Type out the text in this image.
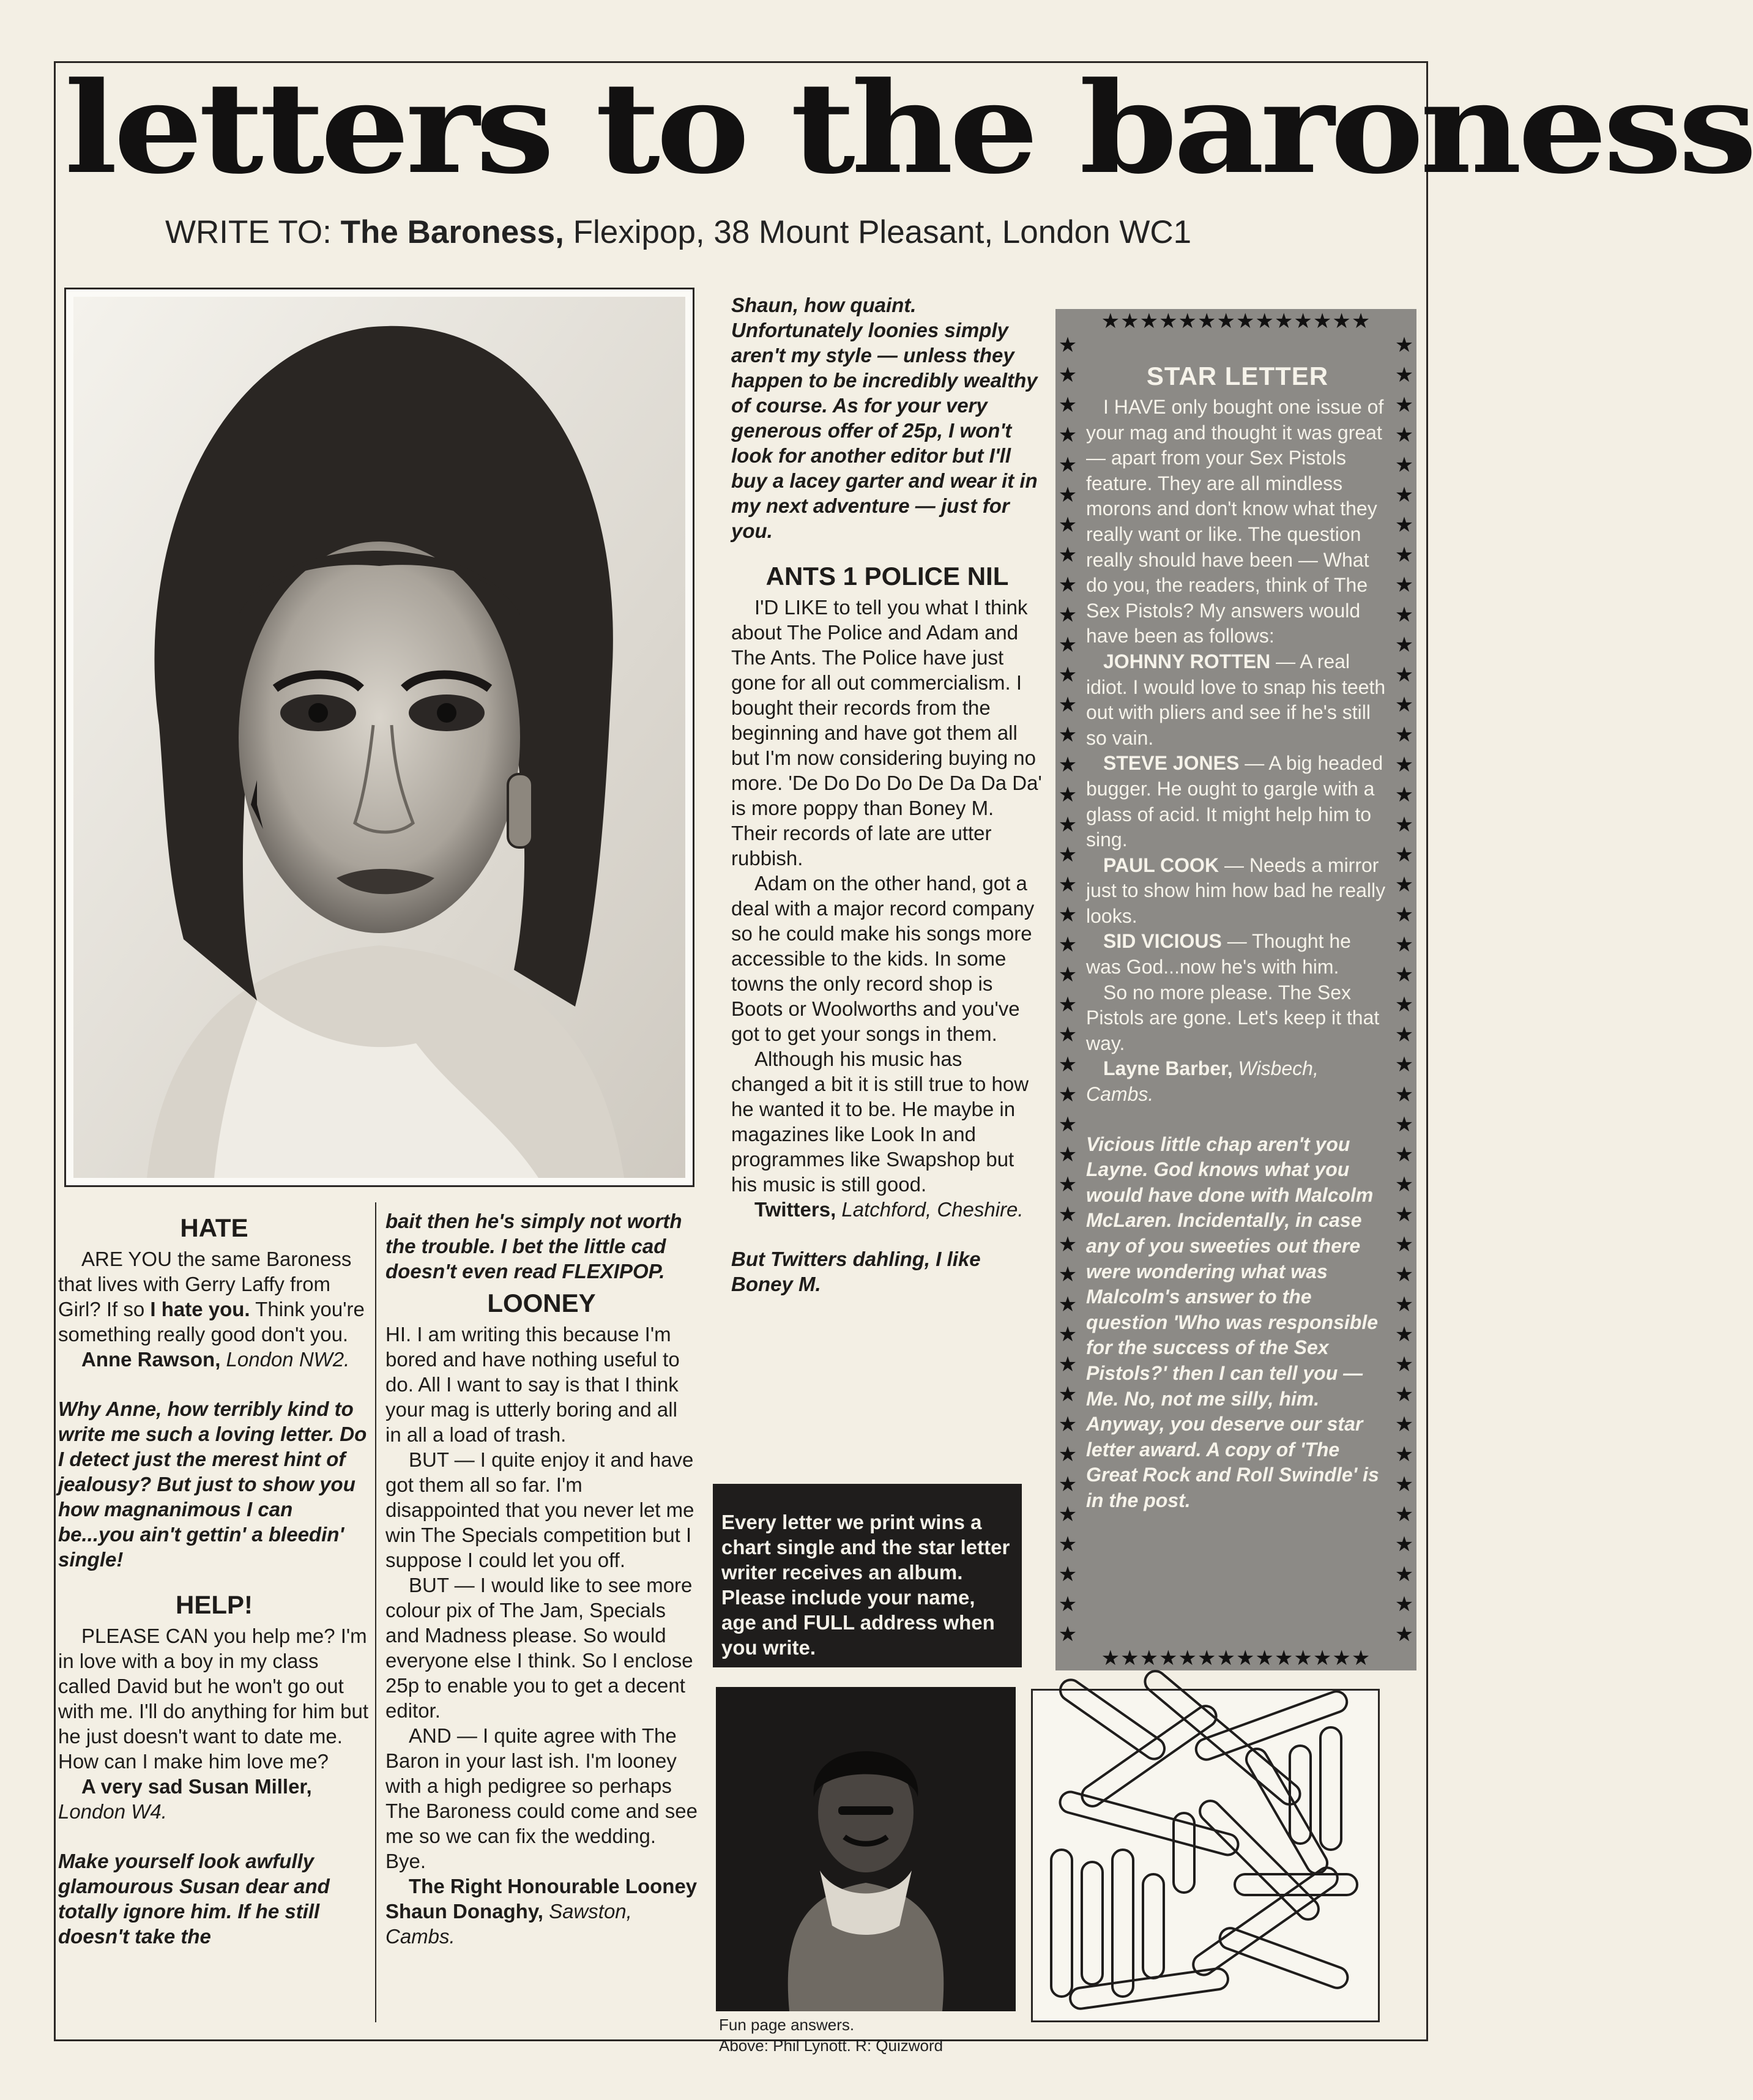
letters to the baroness
WRITE TO: The Baroness, Flexipop, 38 Mount Pleasant, London WC1
HATE

ARE YOU the same Baroness that lives with Gerry Laffy from Girl? If so I hate you. Think you're something really good don't you.

Anne Rawson, London NW2.

Why Anne, how terribly kind to write me such a loving letter. Do I detect just the merest hint of jealousy? But just to show you how magnanimous I can be...you ain't gettin' a bleedin' single!

HELP!

PLEASE CAN you help me? I'm in love with a boy in my class called David but he won't go out with me. I'll do anything for him but he just doesn't want to date me. How can I make him love me?

A very sad Susan Miller, London W4.

Make yourself look awfully glamourous Susan dear and totally ignore him. If he still doesn't take the

bait then he's simply not worth the trouble. I bet the little cad doesn't even read FLEXIPOP.

LOONEY

HI. I am writing this because I'm bored and have nothing useful to do. All I want to say is that I think your mag is utterly boring and all in all a load of trash.

BUT — I quite enjoy it and have got them all so far. I'm disappointed that you never let me win The Specials competition but I suppose I could let you off.

BUT — I would like to see more colour pix of The Jam, Specials and Madness please. So would everyone else I think. So I enclose 25p to enable you to get a decent editor.

AND — I quite agree with The Baron in your last ish. I'm looney with a high pedigree so perhaps The Baroness could come and see me so we can fix the wedding. Bye.

The Right Honourable Looney Shaun Donaghy, Sawston, Cambs.

Shaun, how quaint. Unfortunately loonies simply aren't my style — unless they happen to be incredibly wealthy of course. As for your very generous offer of 25p, I won't look for another editor but I'll buy a lacey garter and wear it in my next adventure — just for you.

ANTS 1 POLICE NIL

I'D LIKE to tell you what I think about The Police and Adam and The Ants. The Police have just gone for all out commercialism. I bought their records from the beginning and have got them all but I'm now considering buying no more. 'De Do Do Do De Da Da Da' is more poppy than Boney M. Their records of late are utter rubbish.

Adam on the other hand, got a deal with a major record company so he could make his songs more accessible to the kids. In some towns the only record shop is Boots or Woolworths and you've got to get your songs in them.

Although his music has changed a bit it is still true to how he wanted it to be. He maybe in magazines like Look In and programmes like Swapshop but his music is still good.

Twitters, Latchford, Cheshire.

But Twitters dahling, I like Boney M.

★★★★★★★★★★★★★★
★★★★★★★★★★★★★★
★★★★★★★★★★★★★★★★★★★★★★★★★★★★★★★★★★★★★★★★★★★★
★★★★★★★★★★★★★★★★★★★★★★★★★★★★★★★★★★★★★★★★★★★★

STAR LETTER

I HAVE only bought one issue of your mag and thought it was great — apart from your Sex Pistols feature. They are all mindless morons and don't know what they really want or like. The question really should have been — What do you, the readers, think of The Sex Pistols? My answers would have been as follows:

JOHNNY ROTTEN — A real idiot. I would love to snap his teeth out with pliers and see if he's still so vain.

STEVE JONES — A big headed bugger. He ought to gargle with a glass of acid. It might help him to sing.

PAUL COOK — Needs a mirror just to show him how bad he really looks.

SID VICIOUS — Thought he was God...now he's with him.

So no more please. The Sex Pistols are gone. Let's keep it that way.

Layne Barber, Wisbech, Cambs.

Vicious little chap aren't you Layne. God knows what you would have done with Malcolm McLaren. Incidentally, in case any of you sweeties out there were wondering what was Malcolm's answer to the question 'Who was responsible for the success of the Sex Pistols?' then I can tell you — Me. No, not me silly, him. Anyway, you deserve our star letter award. A copy of 'The Great Rock and Roll Swindle' is in the post.

Every letter we print wins a chart single and the star letter writer receives an album. Please include your name, age and FULL address when you write.
Fun page answers.
Above: Phil Lynott. R: Quizword
